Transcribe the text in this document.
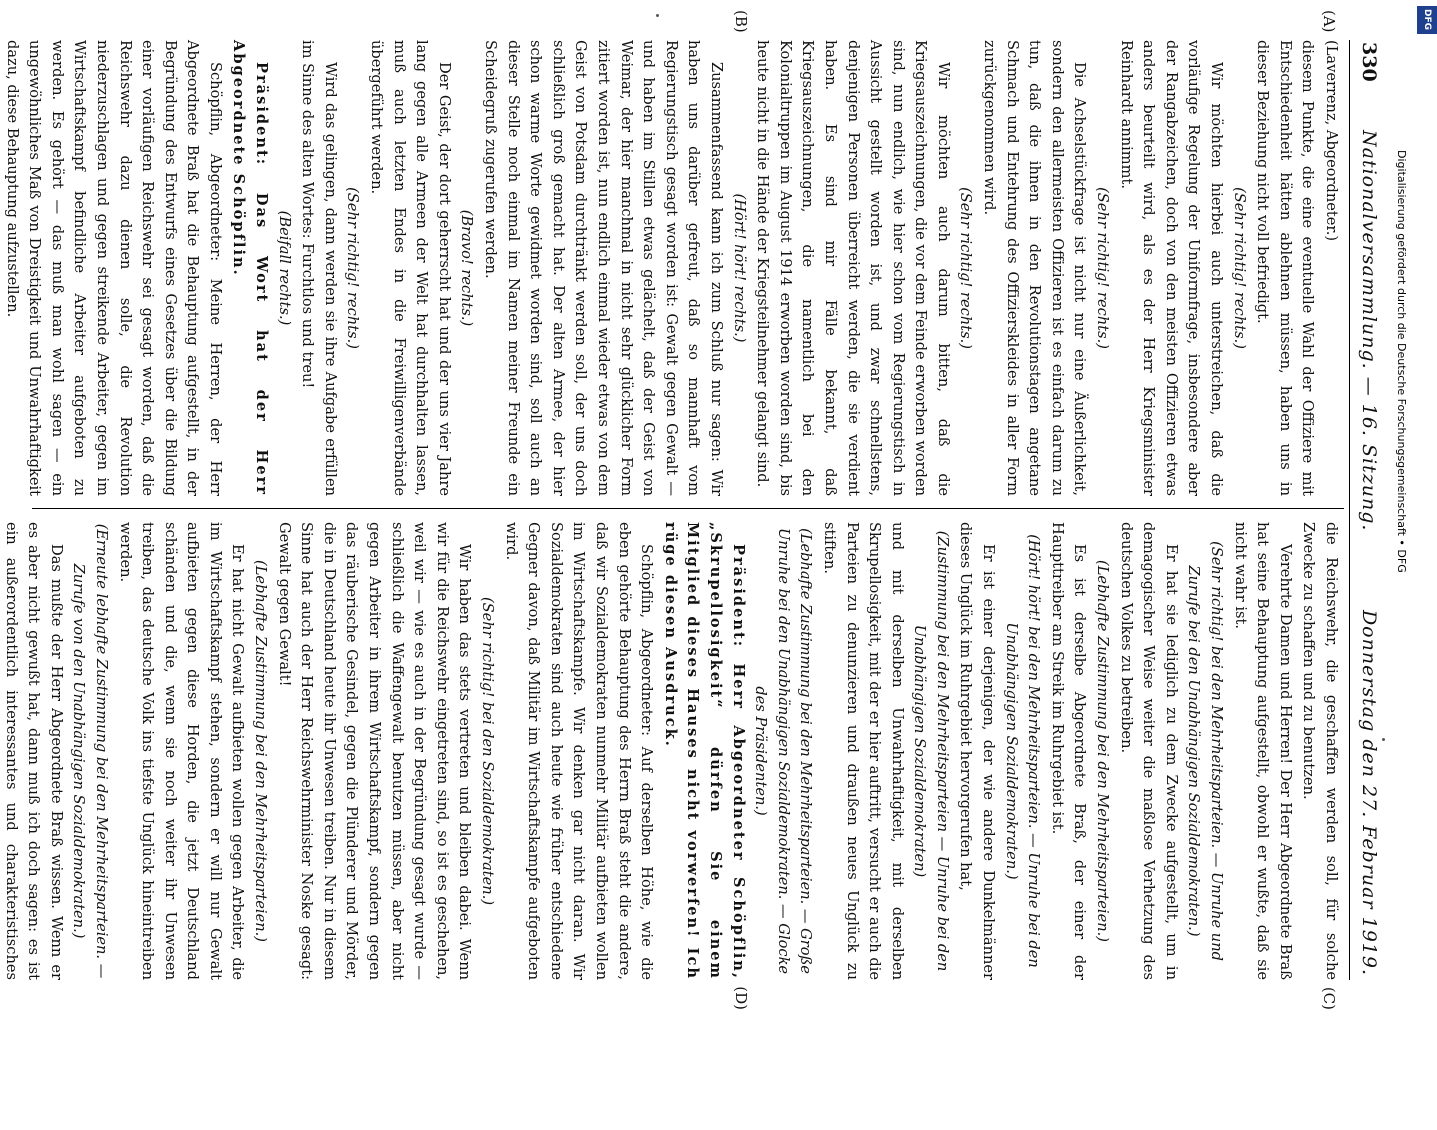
330
Nationalversammlung. — 16. Sitzung.
Donnerstag den 27. Februar 1919.
(A)
(B)
(C)
(D)

(Laverrenz, Abgeordneter.)

diesem Punkte, die eine eventuelle Wahl der Offiziere mit Entschiedenheit hätten ablehnen müssen, haben uns in dieser Beziehung nicht voll befriedigt.

(Sehr richtig! rechts.)

Wir möchten hierbei auch unterstreichen, daß die vorläufige Regelung der Uniformfrage, insbesondere aber der Rangabzeichen, doch von den meisten Offizieren etwas anders beurteilt wird, als es der Herr Kriegsminister Reinhardt annimmt.

(Sehr richtig! rechts.)

Die Achselstückfrage ist nicht nur eine Äußerlichkeit, sondern den allermeisten Offizieren ist es einfach darum zu tun, daß die ihnen in den Revolutionstagen angetane Schmach und Entehrung des Offizierskleides in aller Form zurückgenommen wird.

(Sehr richtig! rechts.)

Wir möchten auch darum bitten, daß die Kriegsauszeichnungen, die vor dem Feinde erworben worden sind, nun endlich, wie hier schon vom Regierungstisch in Aussicht gestellt worden ist, und zwar schnellstens, denjenigen Personen überreicht werden, die sie verdient haben. Es sind mir Fälle bekannt, daß Kriegsauszeichnungen, die namentlich bei den Kolonialtruppen im August 1914 erworben worden sind, bis heute nicht in die Hände der Kriegsteilnehmer gelangt sind.

(Hört! hört! rechts.)

Zusammenfassend kann ich zum Schluß nur sagen: Wir haben uns darüber gefreut, daß so mannhaft vom Regierungstisch gesagt worden ist: Gewalt gegen Gewalt — und haben im Stillen etwas gelächelt, daß der Geist von Weimar, der hier manchmal in nicht sehr glücklicher Form zitiert worden ist, nun endlich einmal wieder etwas von dem Geist von Potsdam durchtränkt werden soll, der uns doch schließlich groß gemacht hat. Der alten Armee, der hier schon warme Worte gewidmet worden sind, soll auch an dieser Stelle noch einmal im Namen meiner Freunde ein Scheidegruß zugerufen werden.

(Bravo! rechts.)

Der Geist, der dort geherrscht hat und der uns vier Jahre lang gegen alle Armeen der Welt hat durchhalten lassen, muß auch letzten Endes in die Freiwilligenverbände übergeführt werden.

(Sehr richtig! rechts.)

Wird das gelingen, dann werden sie ihre Aufgabe erfüllen im Sinne des alten Wortes: Furchtlos und treu!

(Beifall rechts.)

Präsident: Das Wort hat der Herr Abgeordnete Schöpflin.

Schöpflin, Abgeordneter: Meine Herren, der Herr Abgeordnete Braß hat die Behauptung aufgestellt, in der Begründung des Entwurfs eines Gesetzes über die Bildung einer vorläufigen Reichswehr sei gesagt worden, daß die Reichswehr dazu dienen solle, die Revolution niederzuschlagen und gegen streikende Arbeiter, gegen im Wirtschaftskampf befindliche Arbeiter aufgeboten zu werden. Es gehört — das muß man wohl sagen — ein ungewöhnliches Maß von Dreistigkeit und Unwahrhaftigkeit dazu, diese Behauptung aufzustellen.

die Reichswehr, die geschaffen werden soll, für solche Zwecke zu schaffen und zu benutzen.

Verehrte Damen und Herren! Der Herr Abgeordnete Braß hat seine Behauptung aufgestellt, obwohl er wußte, daß sie nicht wahr ist.

(Sehr richtig! bei den Mehrheitsparteien. — Unruhe und Zurufe bei den Unabhängigen Sozialdemokraten.)

Er hat sie lediglich zu dem Zwecke aufgestellt, um in demagogischer Weise weiter die maßlose Verhetzung des deutschen Volkes zu betreiben.

(Lebhafte Zustimmung bei den Mehrheitsparteien.)

Es ist derselbe Abgeordnete Braß, der einer der Haupttreiber am Streik im Ruhrgebiet ist.

(Hört! hört! bei den Mehrheitsparteien. — Unruhe bei den Unabhängigen Sozialdemokraten.)

Er ist einer derjenigen, der wie andere Dunkelmänner dieses Unglück im Ruhrgebiet hervorgerufen hat,

(Zustimmung bei den Mehrheitsparteien — Unruhe bei den Unabhängigen Sozialdemokraten)

und mit derselben Unwahrhaftigkeit, mit derselben Skrupellosigkeit, mit der er hier auftritt, versucht er auch die Parteien zu denunzieren und draußen neues Unglück zu stiften.

(Lebhafte Zustimmung bei den Mehrheitsparteien. — Große Unruhe bei den Unabhängigen Sozialdemokraten. — Glocke des Präsidenten.)

Präsident: Herr Abgeordneter Schöpflin, „Skrupellosigkeit“ dürfen Sie einem Mitglied dieses Hauses nicht vorwerfen! Ich rüge diesen Ausdruck.

Schöpflin, Abgeordneter: Auf derselben Höhe, wie die eben gehörte Behauptung des Herrn Braß steht die andere, daß wir Sozialdemokraten nunmehr Militär aufbieten wollen im Wirtschaftskampfe. Wir denken gar nicht daran. Wir Sozialdemokraten sind auch heute wie früher entschiedene Gegner davon, daß Militär im Wirtschaftskampfe aufgeboten wird.

(Sehr richtig! bei den Sozialdemokraten.)

Wir haben das stets vertreten und bleiben dabei. Wenn wir für die Reichswehr eingetreten sind, so ist es geschehen, weil wir — wie es auch in der Begründung gesagt wurde — schließlich die Waffengewalt benutzen müssen, aber nicht gegen Arbeiter in ihrem Wirtschaftskampf, sondern gegen das räuberische Gesindel, gegen die Plünderer und Mörder, die in Deutschland heute ihr Unwesen treiben. Nur in diesem Sinne hat auch der Herr Reichswehrminister Noske gesagt: Gewalt gegen Gewalt!

(Lebhafte Zustimmung bei den Mehrheitsparteien.)

Er hat nicht Gewalt aufbieten wollen gegen Arbeiter, die im Wirtschaftskampf stehen, sondern er will nur Gewalt aufbieten gegen diese Horden, die jetzt Deutschland schänden und die, wenn sie noch weiter ihr Unwesen treiben, das deutsche Volk ins tiefste Unglück hineintreiben werden.

(Erneute lebhafte Zustimmung bei den Mehrheitsparteien. — Zurufe von den Unabhängigen Sozialdemokraten.)

Das mußte der Herr Abgeordnete Braß wissen. Wenn er es aber nicht gewußt hat, dann muß ich doch sagen: es ist ein außerordentlich interessantes und charakteristisches

DFG
Digitalisierung gefördert durch die Deutsche Forschungsgemeinschaft • DFG
